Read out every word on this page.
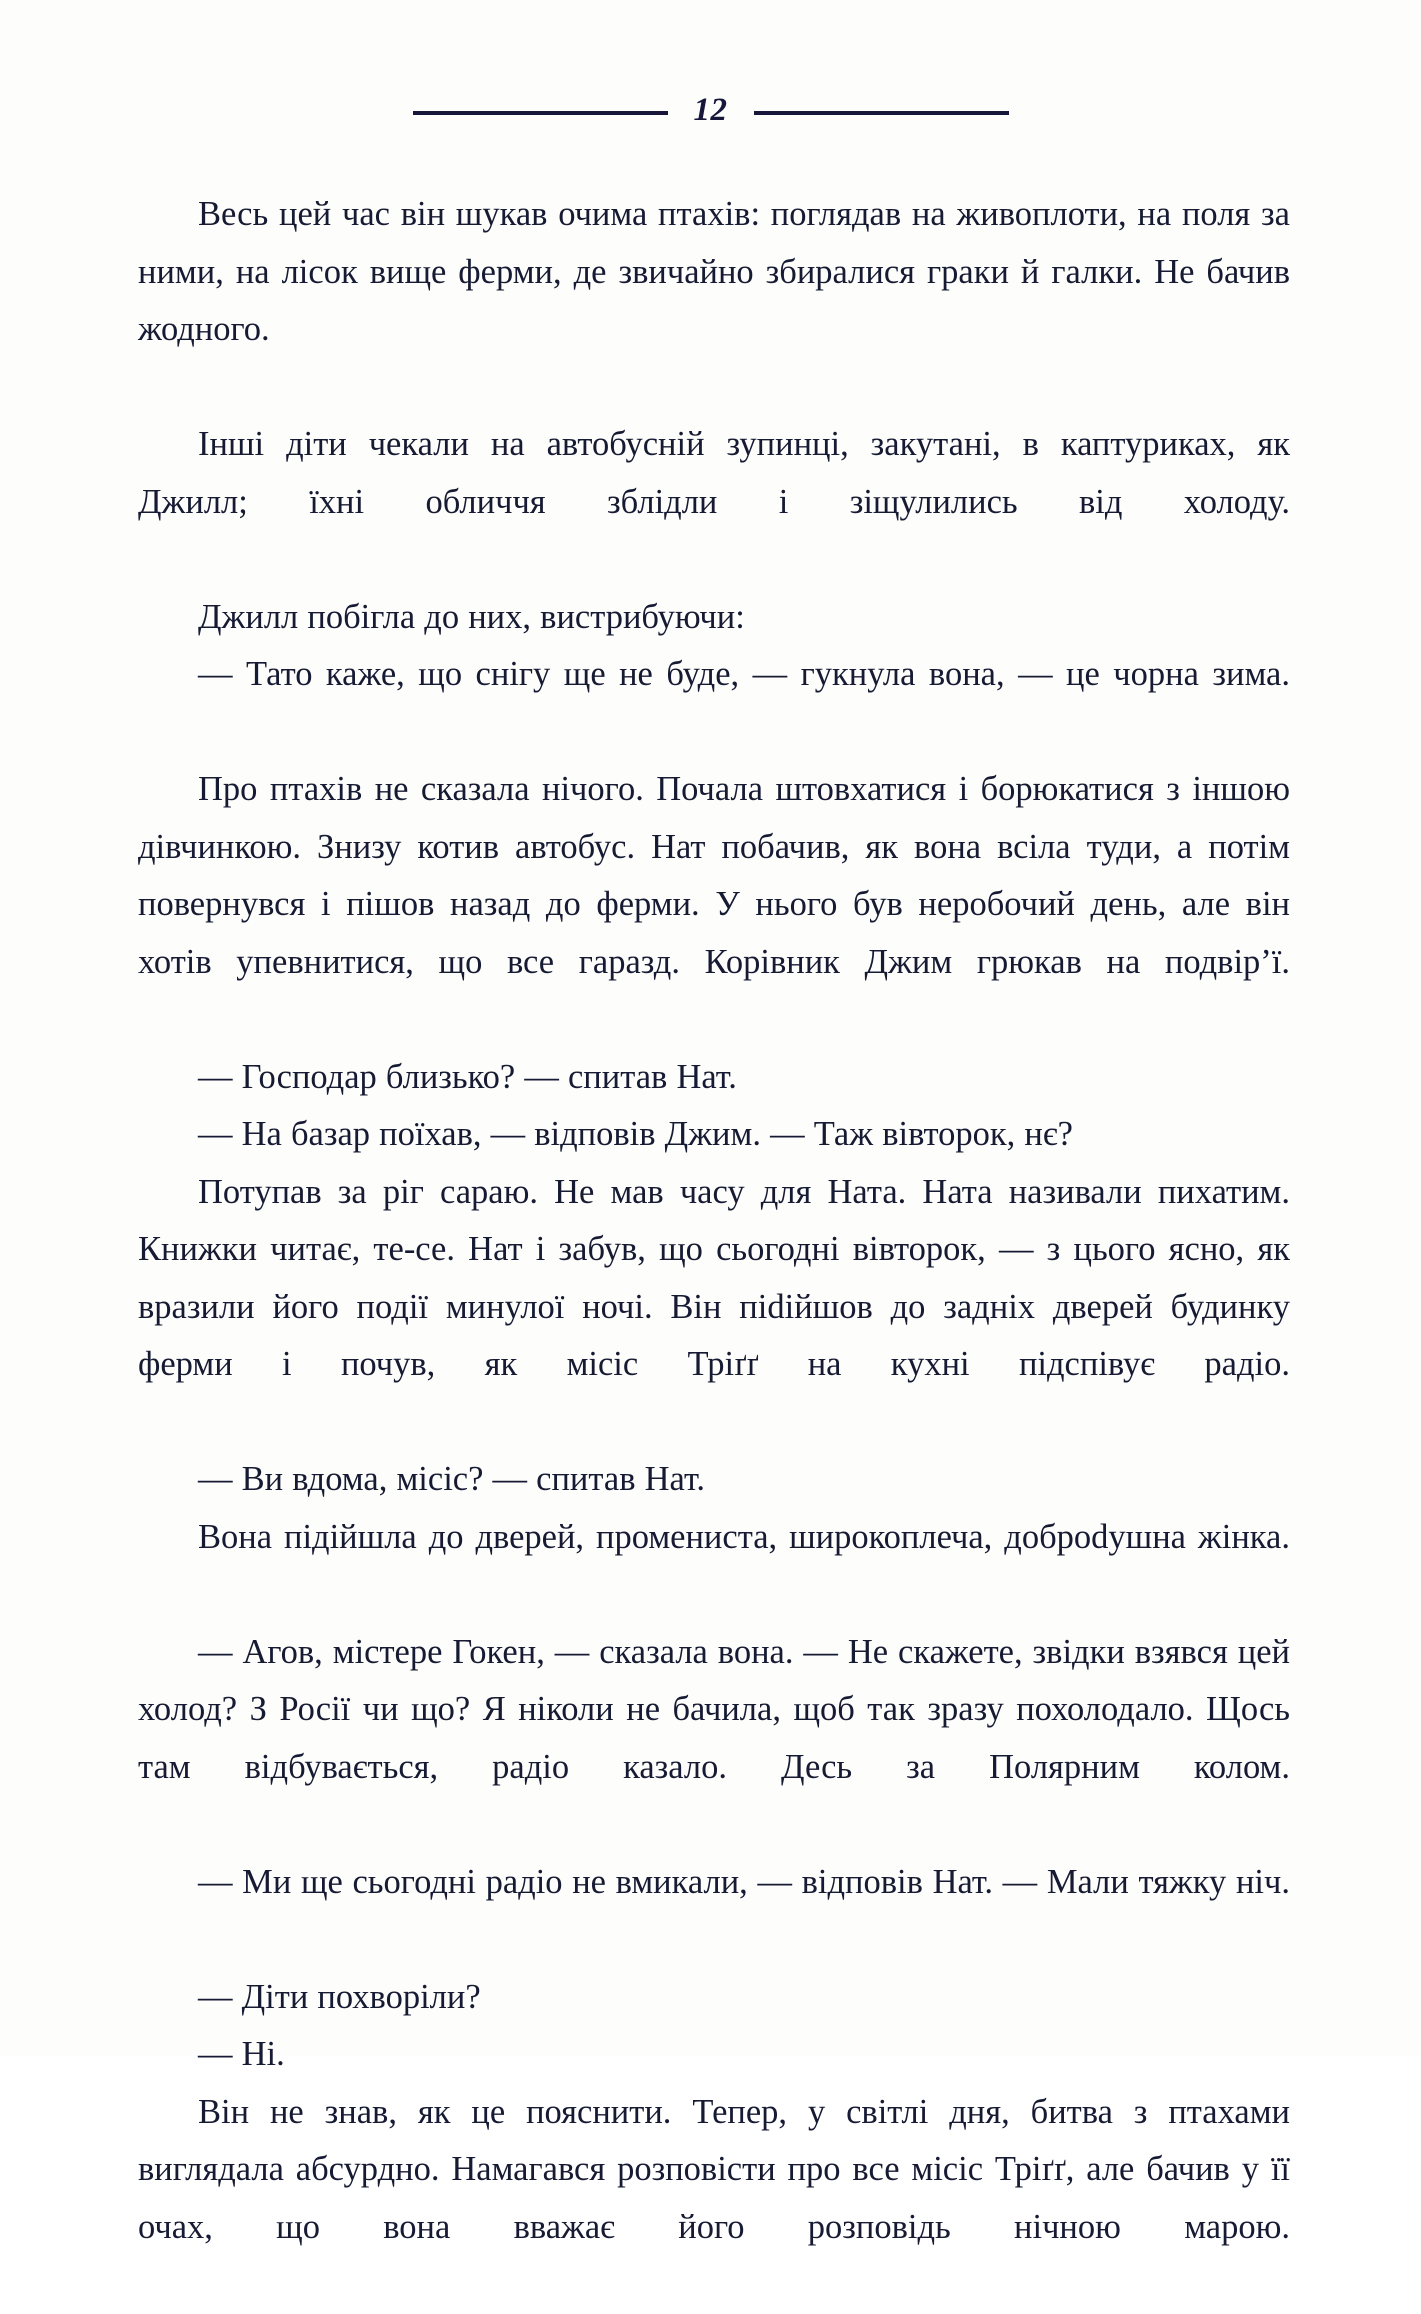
12

Весь цей час він шукав очима птахів: поглядав на живоплоти, на поля за ними, на лісок вище ферми, де звичайно збиралися граки й галки. Не бачив жодного.

Інші діти чекали на автобусній зупинці, закутані, в каптуриках, як Джилл; їхні обличчя зблідли і зіщулились від холоду.

Джилл побігла до них, вистрибуючи:

— Тато каже, що снігу ще не буде, — гукнула вона, — це чорна зима.

Про птахів не сказала нічого. Почала штовхатися і борюкатися з іншою дівчинкою. Знизу котив автобус. Нат побачив, як вона всіла туди, а потім повернувся і пішов назад до ферми. У нього був неробочий день, але він хотів упевнитися, що все гаразд. Корівник Джим грюкав на подвір’ї.

— Господар близько? — спитав Нат.

— На базар поїхав, — відповів Джим. — Таж вівторок, нє?

Потупав за ріг сараю. Не мав часу для Ната. Ната називали пихатим. Книжки читає, те-се. Нат і забув, що сьогодні вівторок, — з цього ясно, як вразили його події минулої ночі. Він піdійшов до задніх дверей будинку ферми і почув, як місіс Тріґґ на кухні підспівує радіо.

— Ви вдома, місіс? — спитав Нат.

Вона підійшла до дверей, промениста, широкоплеча, доброdушна жінка.

— Агов, містере Гокен, — сказала вона. — Не скажете, звідки взявся цей холод? З Росії чи що? Я ніколи не бачила, щоб так зразу похолодало. Щось там відбувається, радіо казало. Десь за Полярним колом.

— Ми ще сьогодні радіо не вмикали, — відповів Нат. — Мали тяжку ніч.

— Діти похворіли?

— Ні.

Він не знав, як це пояснити. Тепер, у світлі дня, битва з птахами виглядала абсурдно. Намагався розповісти про все місіс Тріґґ, але бачив у її очах, що вона вважає його розповідь нічною марою.
